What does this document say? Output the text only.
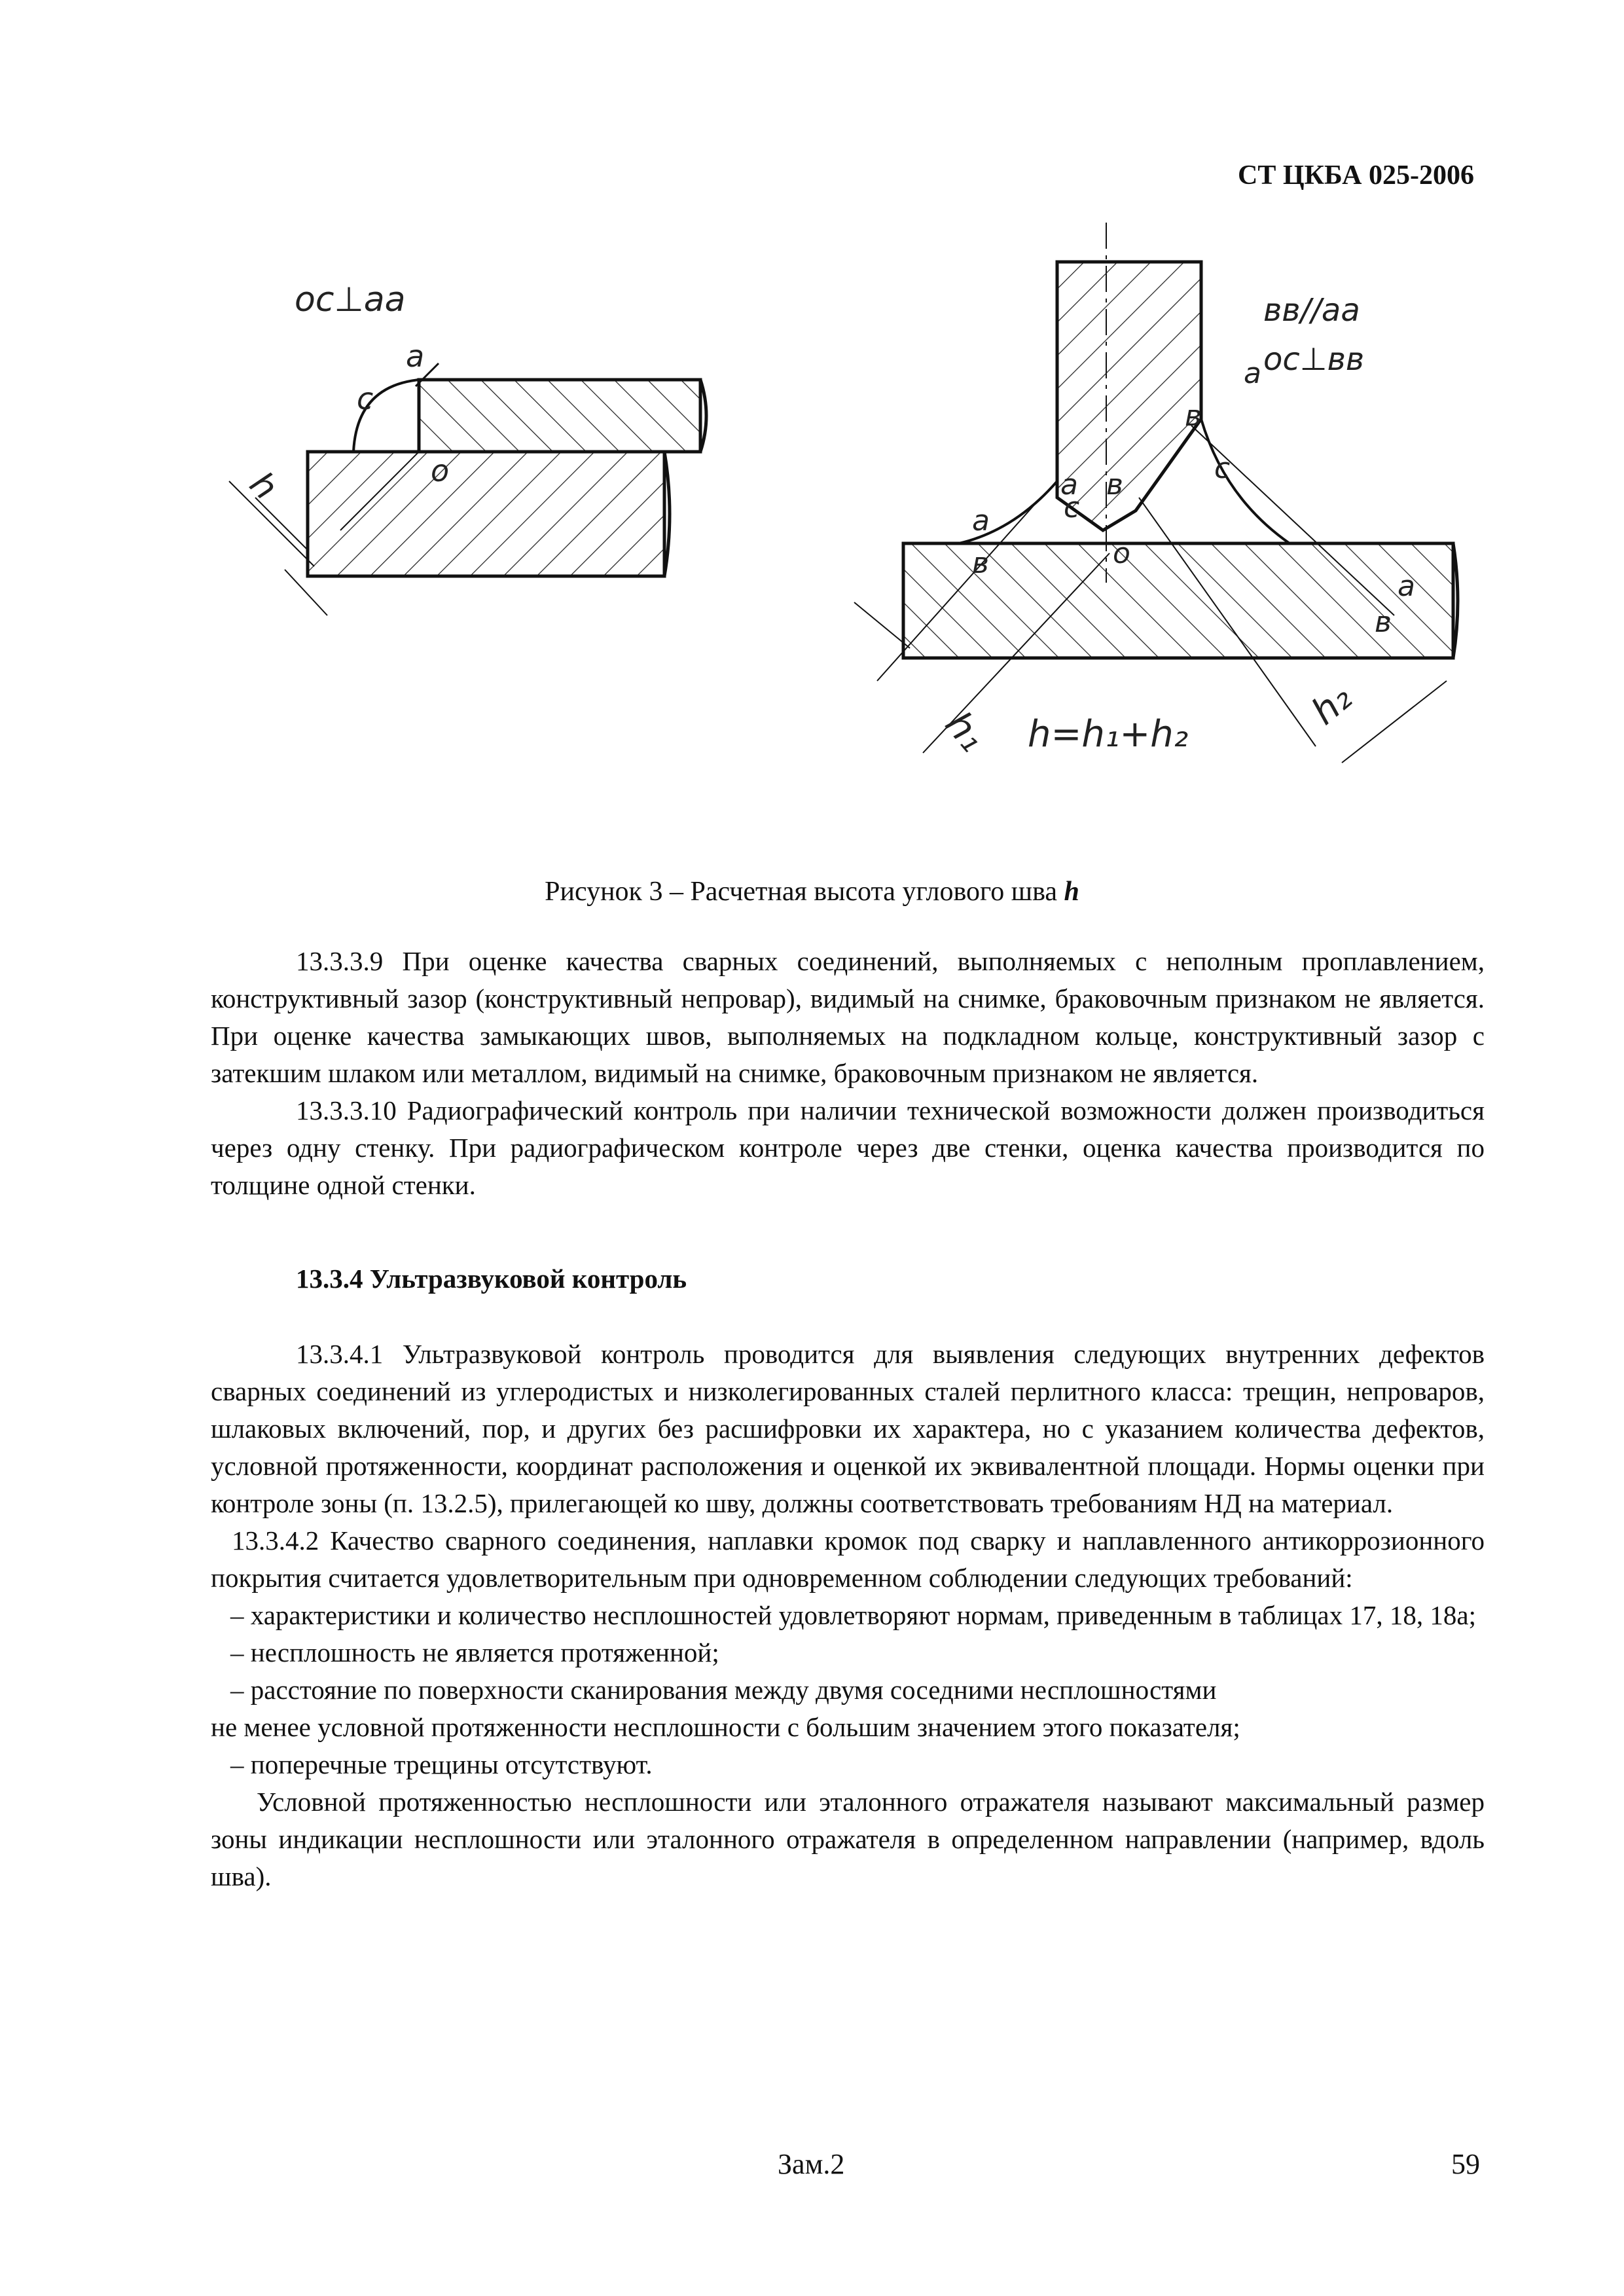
СТ ЦКБА 025-2006
ос⊥аа
а
с
о
h
вв//аа
ос⊥вв
а
в
с
а в
с
а
в	о
а
в
h₁ h=h₁+h₂
h₂
Рисунок 3 – Расчетная высота углового шва h

13.3.3.9 При оценке качества сварных соединений, выполняемых с неполным проплавлением, конструктивный зазор (конструктивный непровар), видимый на снимке, браковочным признаком не является. При оценке качества замыкающих швов, выполняемых на подкладном кольце, конструктивный зазор с затекшим шлаком или металлом, видимый на снимке, браковочным признаком не является.

13.3.3.10 Радиографический контроль при наличии технической возможности должен производиться через одну стенку. При радиографическом контроле через две стенки, оценка качества производится по толщине одной стенки.

13.3.4 Ультразвуковой контроль

13.3.4.1 Ультразвуковой контроль проводится для выявления следующих внутренних дефектов сварных соединений из углеродистых и низколегированных сталей перлитного класса: трещин, непроваров, шлаковых включений, пор, и других без расшифровки их характера, но с указанием количества дефектов, условной протяженности, координат расположения и оценкой их эквивалентной площади. Нормы оценки при контроле зоны (п. 13.2.5), прилегающей ко шву, должны соответствовать требованиям НД на материал.

13.3.4.2 Качество сварного соединения, наплавки кромок под сварку и наплавленного антикоррозионного покрытия считается удовлетворительным при одновременном соблюдении следующих требований:

– характеристики и количество несплошностей удовлетворяют нормам, приведенным в таблицах 17, 18, 18а;

– несплошность не является протяженной;

– расстояние по поверхности сканирования между двумя соседними несплошностями

не менее условной протяженности несплошности с большим значением этого показателя;

– поперечные трещины отсутствуют.

Условной протяженностью несплошности или эталонного отражателя называют максимальный размер зоны индикации несплошности или эталонного отражателя в определенном направлении (например, вдоль шва).

Зам.2	59
